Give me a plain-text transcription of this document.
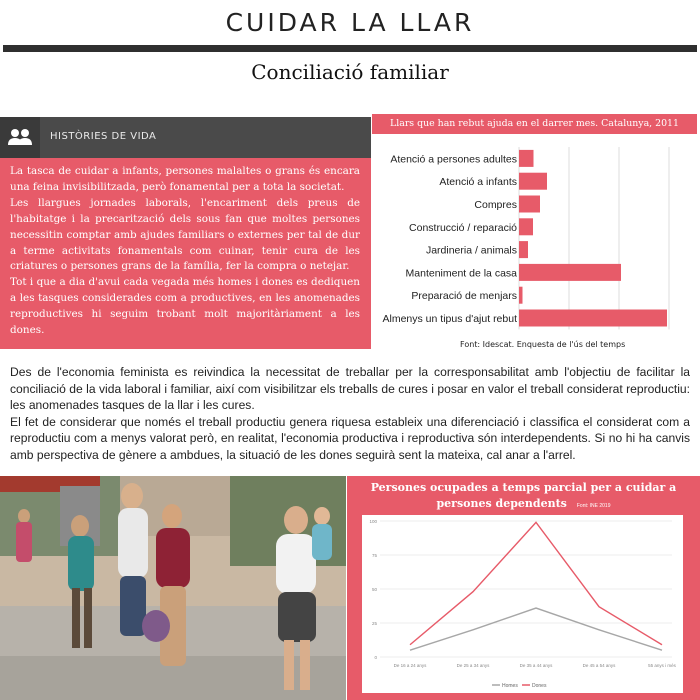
CUIDAR LA LLAR
Conciliació familiar
HISTÒRIES DE VIDA

La tasca de cuidar a infants, persones malaltes o grans és encara una feina invisibilitzada, però fonamental per a tota la societat.

Les llargues jornades laborals, l'encariment dels preus de l'habitatge i la precarització dels sous fan que moltes persones necessitin comptar amb ajudes familiars o externes per tal de dur a terme activitats fonamentals com cuinar, tenir cura de les criatures o persones grans de la família, fer la compra o netejar.

Tot i que a dia d'avui cada vegada més homes i dones es dediquen a les tasques considerades com a productives, en les anomenades reproductives hi seguim trobant molt majoritàriament a les dones.

Llars que han rebut ajuda en el darrer mes. Catalunya, 2011
Atenció a persones adultes
Atenció a infants
Compres
Construcció / reparació
Jardineria / animals
Manteniment de la casa
Preparació de menjars
Almenys un tipus d'ajut rebut
Font: Idescat. Enquesta de l'ús del temps

Des de l'economia feminista es reivindica la necessitat de treballar per la corresponsabilitat amb l'objectiu de facilitar la conciliació de la vida laboral i familiar, així com visibilitzar els treballs de cures i posar en valor el treball considerat reproductiu: les anomenades tasques de la llar i les cures.

El fet de considerar que només el treball productiu genera riquesa estableix una diferenciació i classifica el considerat com a reproductiu com a menys valorat però, en realitat, l'economia productiva i reproductiva són interdependents. Si no hi ha canvis amb perspectiva de gènere a ambdues, la situació de les dones seguirà sent la mateixa, cal anar a l'arrel.

Persones ocupades a temps parcial per a cuidar a persones dependents Font: INE 2019
0
25
50
75
100
De 16 a 24 anys	De 25 a 34 anys	De 35 a 44 anys	De 45 a 54 anys	55 anys i més
Homes	Dones
